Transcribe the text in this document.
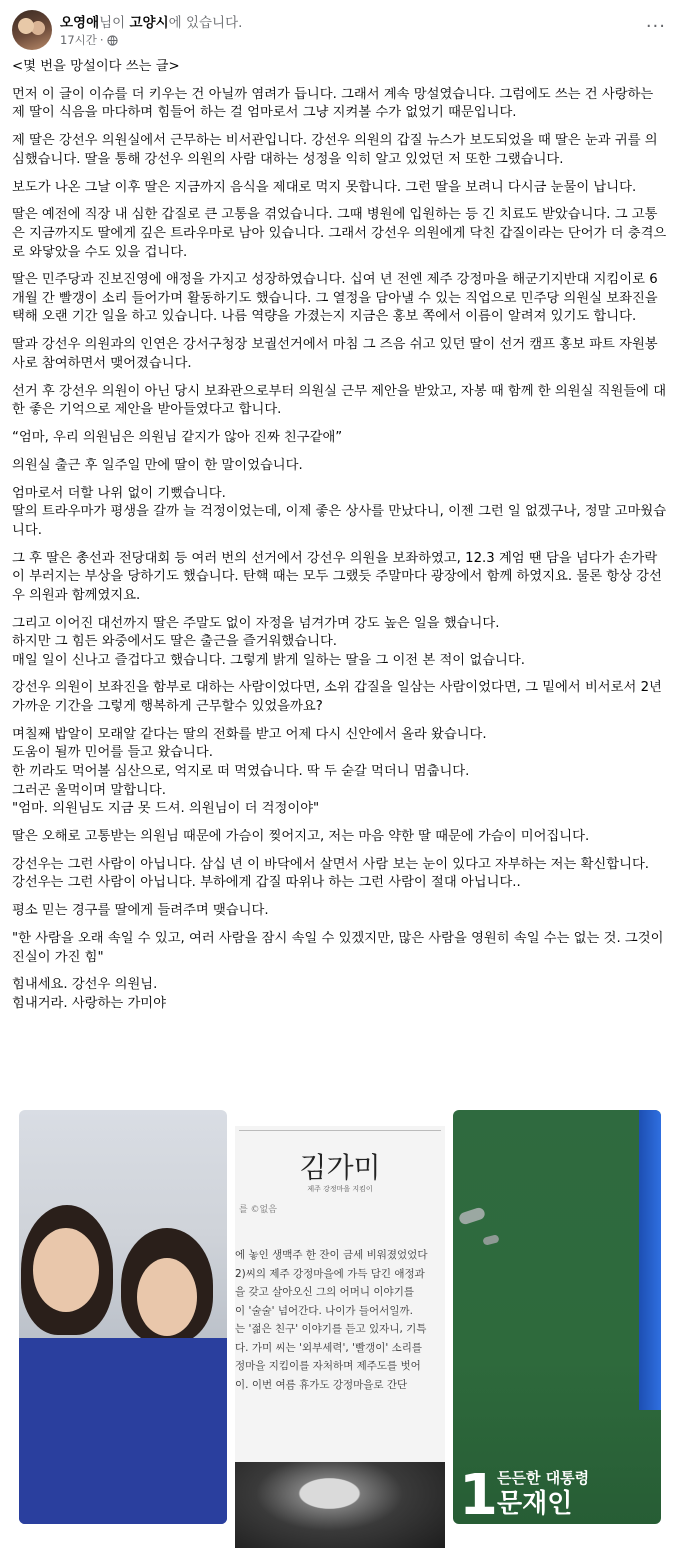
오영애님이 고양시에 있습니다.
17시간 ·
···

<몇 번을 망설이다 쓰는 글>

먼저 이 글이 이슈를 더 키우는 건 아닐까 염려가 듭니다. 그래서 계속 망설였습니다. 그럼에도 쓰는 건 사랑하는 제 딸이 식음을 마다하며 힘들어 하는 걸 엄마로서 그냥 지켜볼 수가 없었기 때문입니다.

제 딸은 강선우 의원실에서 근무하는 비서관입니다. 강선우 의원의 갑질 뉴스가 보도되었을 때 딸은 눈과 귀를 의심했습니다. 딸을 통해 강선우 의원의 사람 대하는 성정을 익히 알고 있었던 저 또한 그랬습니다.

보도가 나온 그날 이후 딸은 지금까지 음식을 제대로 먹지 못합니다. 그런 딸을 보려니 다시금 눈물이 납니다.

딸은 예전에 직장 내 심한 갑질로 큰 고통을 겪었습니다. 그때 병원에 입원하는 등 긴 치료도 받았습니다. 그 고통은 지금까지도 딸에게 깊은 트라우마로 남아 있습니다. 그래서 강선우 의원에게 닥친 갑질이라는 단어가 더 충격으로 와닿았을 수도 있을 겁니다.

딸은 민주당과 진보진영에 애정을 가지고 성장하였습니다. 십여 년 전엔 제주 강정마을 해군기지반대 지킴이로 6개월 간 빨갱이 소리 들어가며 활동하기도 했습니다. 그 열정을 담아낼 수 있는 직업으로 민주당 의원실 보좌진을 택해 오랜 기간 일을 하고 있습니다. 나름 역량을 가졌는지 지금은 홍보 쪽에서 이름이 알려져 있기도 합니다.

딸과 강선우 의원과의 인연은 강서구청장 보궐선거에서 마침 그 즈음 쉬고 있던 딸이 선거 캠프 홍보 파트 자원봉사로 참여하면서 맺어졌습니다.

선거 후 강선우 의원이 아닌 당시 보좌관으로부터 의원실 근무 제안을 받았고, 자봉 때 함께 한 의원실 직원들에 대한 좋은 기억으로 제안을 받아들였다고 합니다.

“엄마, 우리 의원님은 의원님 같지가 않아 진짜 친구같애”

의원실 출근 후 일주일 만에 딸이 한 말이었습니다.

엄마로서 더할 나위 없이 기뻤습니다.
딸의 트라우마가 평생을 갈까 늘 걱정이었는데, 이제 좋은 상사를 만났다니, 이젠 그런 일 없겠구나, 정말 고마웠습니다.

그 후 딸은 총선과 전당대회 등 여러 번의 선거에서 강선우 의원을 보좌하였고, 12.3 계엄 땐 담을 넘다가 손가락이 부러지는 부상을 당하기도 했습니다. 탄핵 때는 모두 그랬듯 주말마다 광장에서 함께 하였지요. 물론 항상 강선우 의원과 함께였지요.

그리고 이어진 대선까지 딸은 주말도 없이 자정을 넘겨가며 강도 높은 일을 했습니다.
하지만 그 힘든 와중에서도 딸은 출근을 즐거워했습니다.
매일 일이 신나고 즐겁다고 했습니다. 그렇게 밝게 일하는 딸을 그 이전 본 적이 없습니다.

강선우 의원이 보좌진을 함부로 대하는 사람이었다면, 소위 갑질을 일삼는 사람이었다면, 그 밑에서 비서로서 2년 가까운 기간을 그렇게 행복하게 근무할수 있었을까요?

며칠째 밥알이 모래알 같다는 딸의 전화를 받고 어제 다시 신안에서 올라 왔습니다.
도움이 될까 민어를 들고 왔습니다.
한 끼라도 먹어볼 심산으로, 억지로 떠 먹였습니다. 딱 두 숟갈 먹더니 멈춥니다.
그러곤 울먹이며 말합니다.
"엄마. 의원님도 지금 못 드셔. 의원님이 더 걱정이야"

딸은 오해로 고통받는 의원님 때문에 가슴이 찢어지고, 저는 마음 약한 딸 때문에 가슴이 미어집니다.

강선우는 그런 사람이 아닙니다. 삼십 년 이 바닥에서 살면서 사람 보는 눈이 있다고 자부하는 저는 확신합니다.
강선우는 그런 사람이 아닙니다. 부하에게 갑질 따위나 하는 그런 사람이 절대 아닙니다..

평소 믿는 경구를 딸에게 들려주며 맺습니다.

"한 사람을 오래 속일 수 있고, 여러 사람을 잠시 속일 수 있겠지만, 많은 사람을 영원히 속일 수는 없는 것. 그것이 진실이 가진 힘"

힘내세요. 강선우 의원님.
힘내거라. 사랑하는 가미야

김가미
제주 강정마을 지킴이
를 ©없음
에 놓인 생맥주 한 잔이 금세 비워졌었었다
2)씨의 제주 강정마을에 가득 담긴 애정과
을 갖고 살아오신 그의 어머니 이야기를
이 '술술' 넘어간다. 나이가 들어서일까.
는 '젊은 친구' 이야기를 듣고 있자니, 기특
다. 가미 씨는 '외부세력', '빨갱이' 소리를
정마을 지킴이를 자처하며 제주도를 벗어
이. 이번 여름 휴가도 강정마을로 간단
1 든든한 대통령
문재인
